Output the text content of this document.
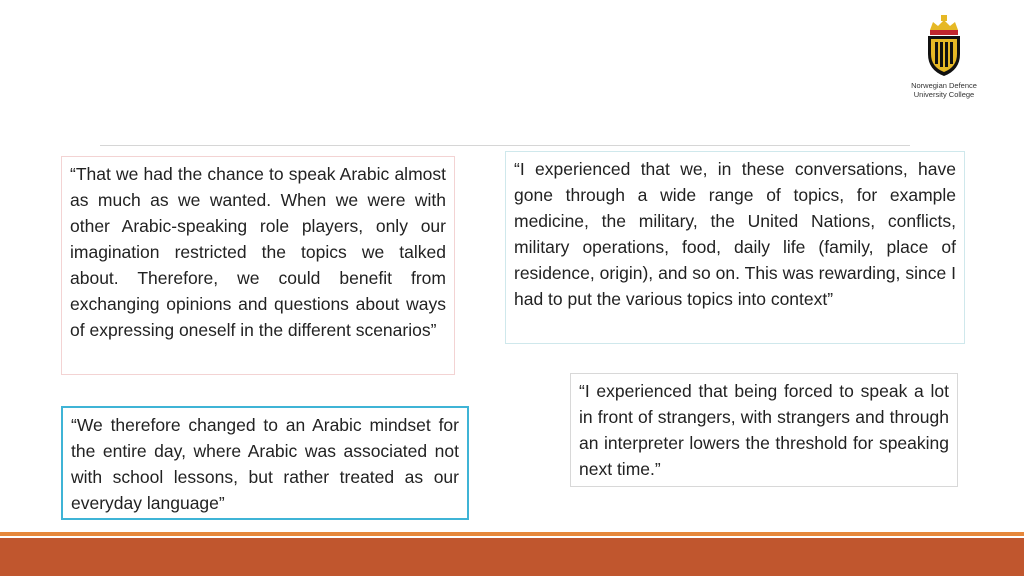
Norwegian Defence
University College
“That we had the chance to speak Arabic almost as much as we wanted. When we were with other Arabic-speaking role players, only our imagination restricted the topics we talked about. Therefore, we could benefit from exchanging opinions and questions about ways of expressing oneself in the different scenarios”
“I experienced that we, in these conversations, have gone through a wide range of topics, for example medicine, the military, the United Nations, conflicts, military operations, food, daily life (family, place of residence, origin), and so on. This was rewarding, since I had to put the various topics into context”
“I experienced that being forced to speak a lot in front of strangers, with strangers and through an interpreter lowers the threshold for speaking next time.”
“We therefore changed to an Arabic mindset for the entire day, where Arabic was associated not with school lessons, but rather treated as our everyday language”
